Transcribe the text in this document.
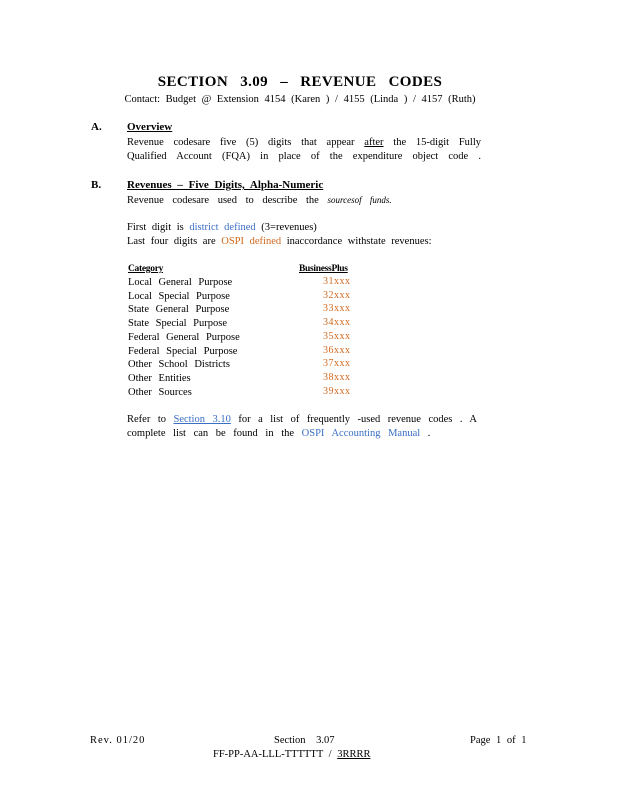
SECTION 3.09 – REVENUE CODES
Contact: Budget @ Extension 4154 (Karen ) / 4155 (Linda ) / 4157 (Ruth)
A. Overview
Revenue codesare five (5) digits that appear after the 15-digit Fully
Qualified Account (FQA) in place of the expenditure object code .
B. Revenues – Five Digits, Alpha-Numeric
Revenue codesare used to describe the sourcesof funds.
First digit is district defined (3=revenues)
Last four digits are OSPI defined inaccordance withstate revenues:
Category	BusinessPlus
Local General Purpose	31xxx
Local Special Purpose	32xxx
State General Purpose	33xxx
State Special Purpose	34xxx
Federal General Purpose	35xxx
Federal Special Purpose	36xxx
Other School Districts	37xxx
Other Entities	38xxx
Other Sources	39xxx
Refer to Section 3.10 for a list of frequently -used revenue codes . A
complete list can be found in the OSPI Accounting Manual .
Rev. 01/20	Section 3.07	Page 1 of 1
FF-PP-AA-LLL-TTTTTT / 3RRRR
